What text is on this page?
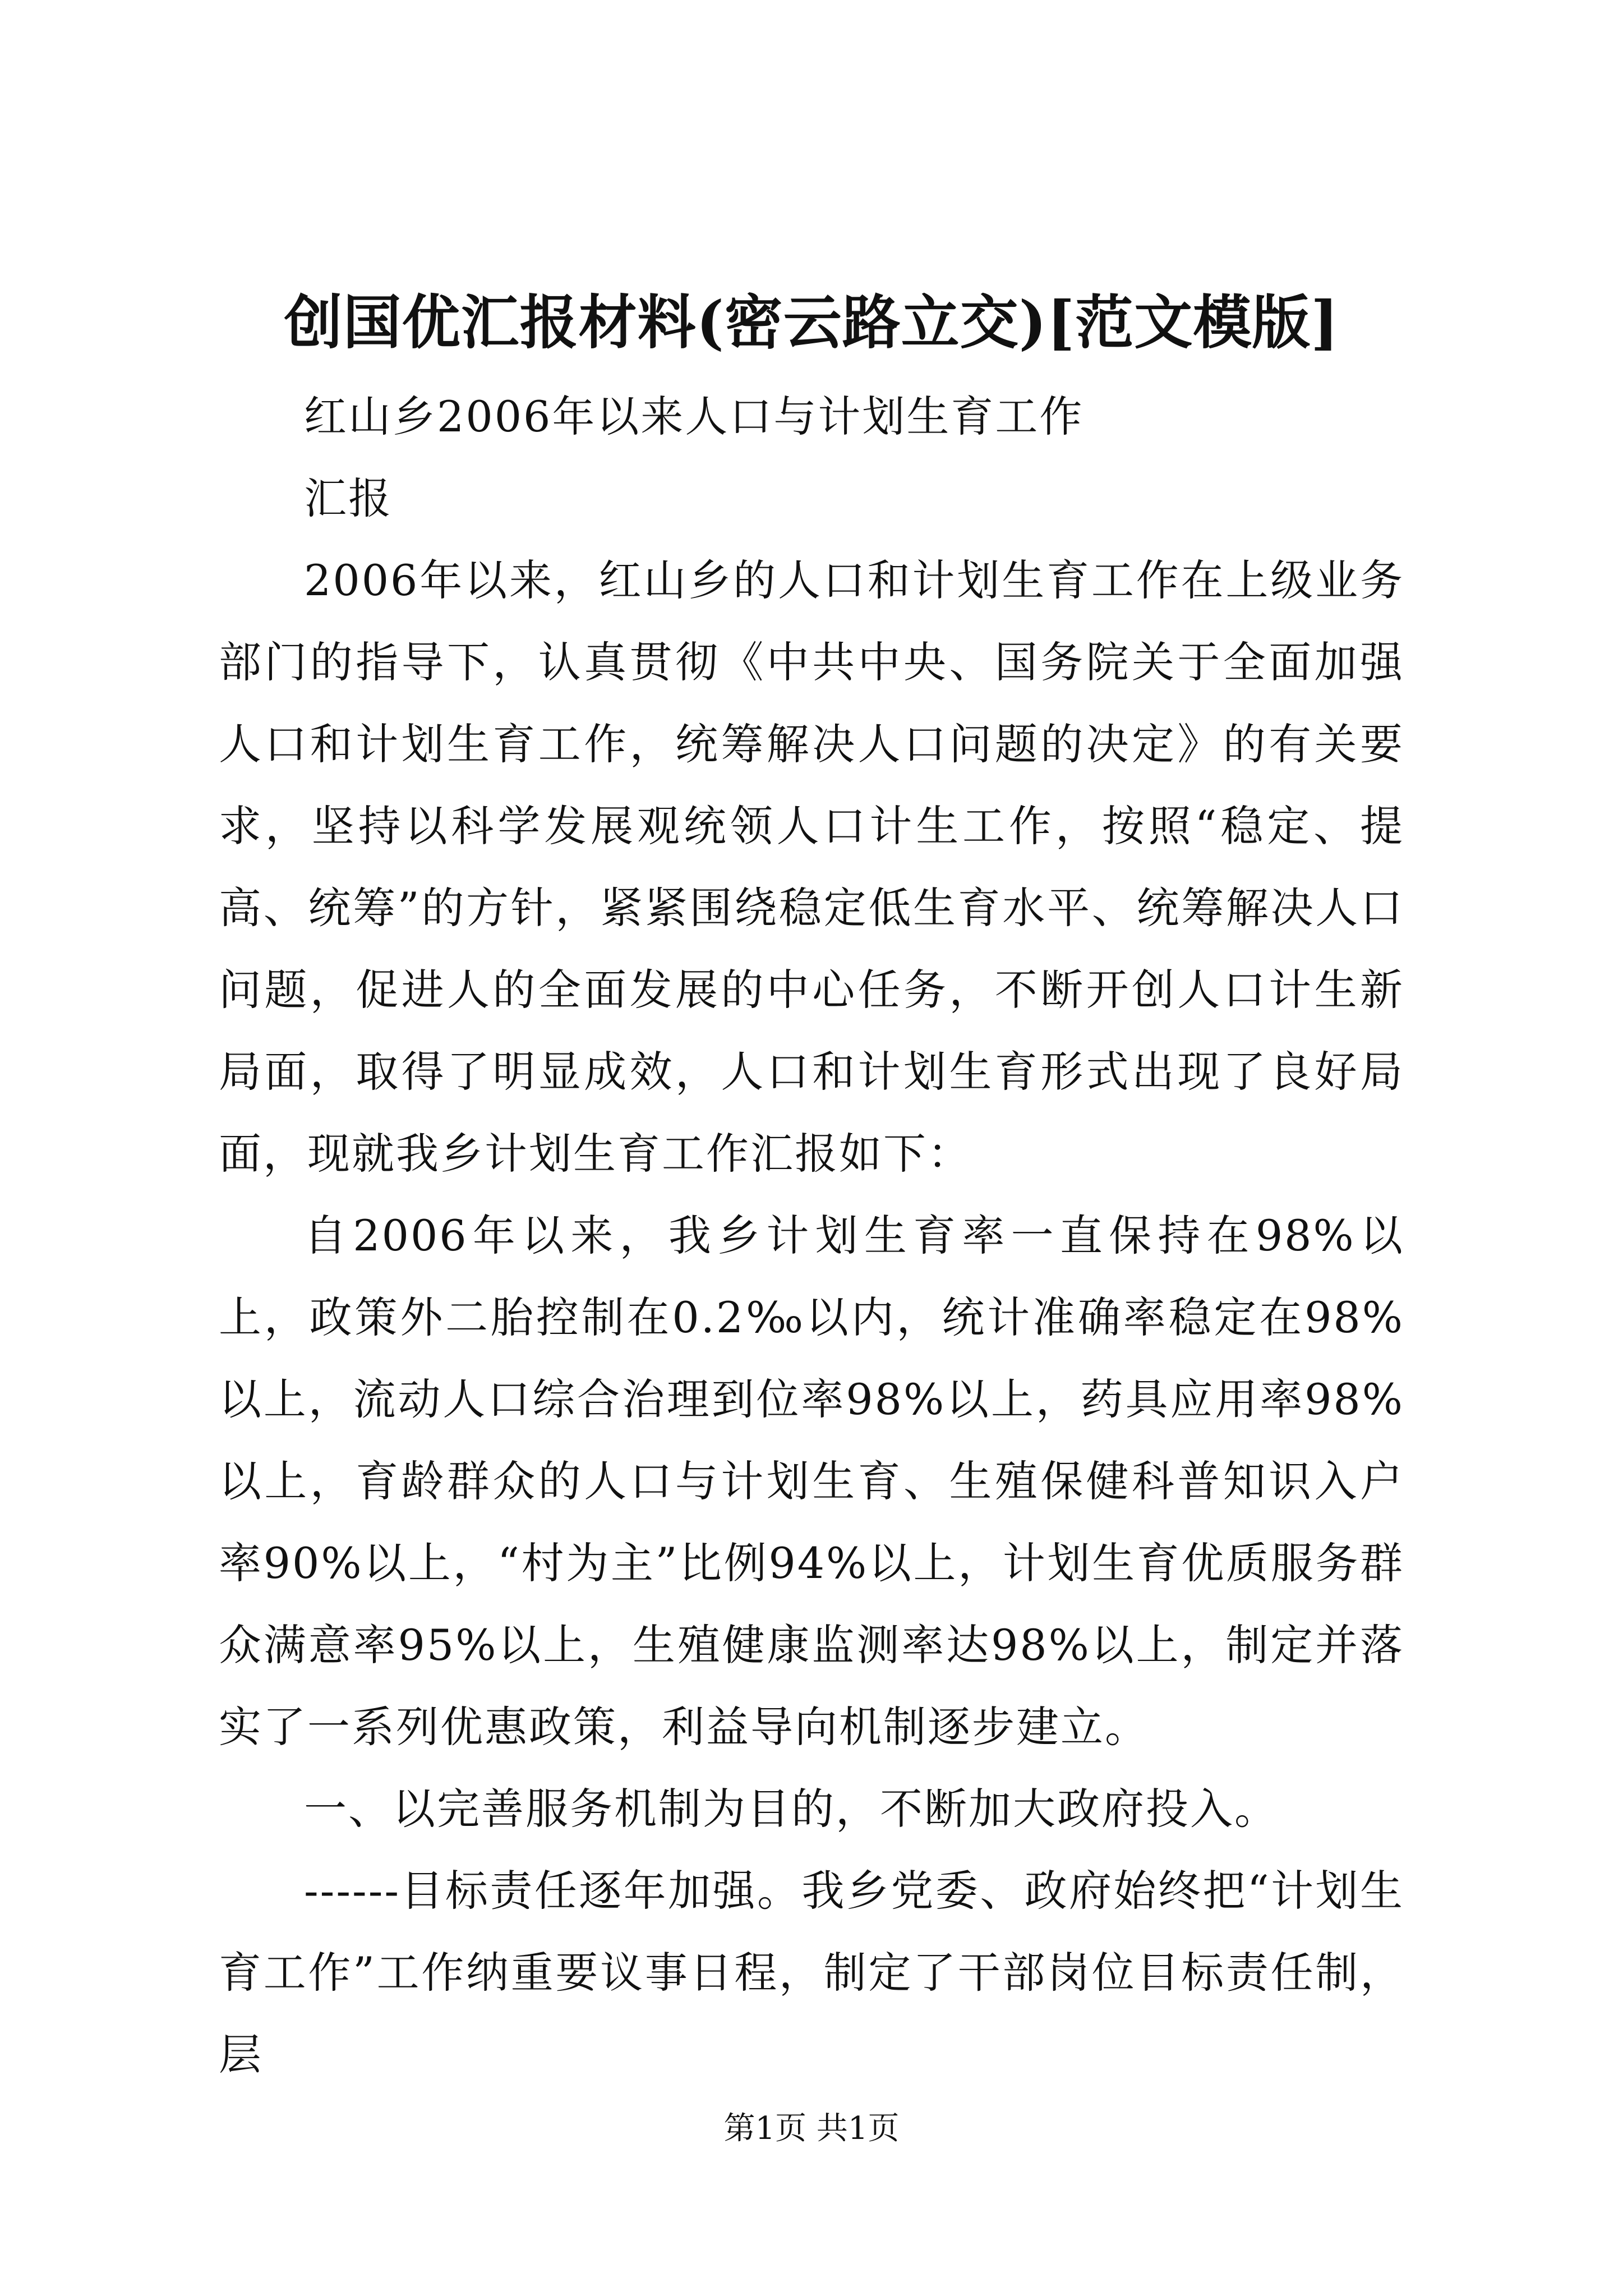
创国优汇报材料(密云路立交)[范文模版]

红山乡2006年以来人口与计划生育工作

汇报

2006年以来，红山乡的人口和计划生育工作在上级业务部门的指导下，认真贯彻《中共中央、国务院关于全面加强人口和计划生育工作，统筹解决人口问题的决定》的有关要求，坚持以科学发展观统领人口计生工作，按照“稳定、提高、统筹”的方针，紧紧围绕稳定低生育水平、统筹解决人口问题，促进人的全面发展的中心任务，不断开创人口计生新局面，取得了明显成效，人口和计划生育形式出现了良好局面，现就我乡计划生育工作汇报如下：

自2006年以来，我乡计划生育率一直保持在98%以上，政策外二胎控制在0.2‰以内，统计准确率稳定在98%以上，流动人口综合治理到位率98%以上，药具应用率98%以上，育龄群众的人口与计划生育、生殖保健科普知识入户率90%以上，“村为主”比例94%以上，计划生育优质服务群众满意率95%以上，生殖健康监测率达98%以上，制定并落实了一系列优惠政策，利益导向机制逐步建立。

一、以完善服务机制为目的，不断加大政府投入。

------目标责任逐年加强。我乡党委、政府始终把“计划生育工作”工作纳重要议事日程，制定了干部岗位目标责任制，层

第1页 共1页
